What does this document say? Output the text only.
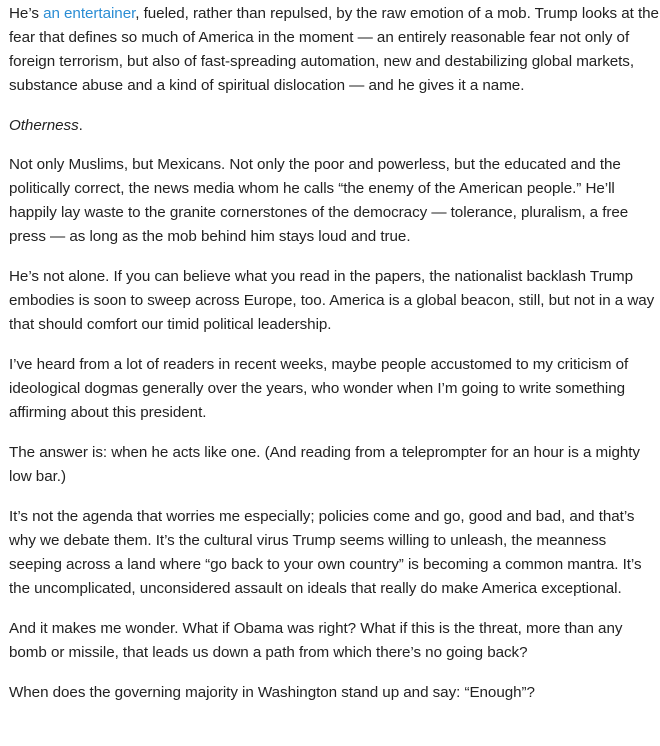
He’s an entertainer, fueled, rather than repulsed, by the raw emotion of a mob. Trump looks at the fear that defines so much of America in the moment — an entirely reasonable fear not only of foreign terrorism, but also of fast-spreading automation, new and destabilizing global markets, substance abuse and a kind of spiritual dislocation — and he gives it a name.

Otherness.

Not only Muslims, but Mexicans. Not only the poor and powerless, but the educated and the politically correct, the news media whom he calls “the enemy of the American people.” He’ll happily lay waste to the granite cornerstones of the democracy — tolerance, pluralism, a free press — as long as the mob behind him stays loud and true.

He’s not alone. If you can believe what you read in the papers, the nationalist backlash Trump embodies is soon to sweep across Europe, too. America is a global beacon, still, but not in a way that should comfort our timid political leadership.

I’ve heard from a lot of readers in recent weeks, maybe people accustomed to my criticism of ideological dogmas generally over the years, who wonder when I’m going to write something affirming about this president.

The answer is: when he acts like one. (And reading from a teleprompter for an hour is a mighty low bar.)

It’s not the agenda that worries me especially; policies come and go, good and bad, and that’s why we debate them. It’s the cultural virus Trump seems willing to unleash, the meanness seeping across a land where “go back to your own country” is becoming a common mantra. It’s the uncomplicated, unconsidered assault on ideals that really do make America exceptional.

And it makes me wonder. What if Obama was right? What if this is the threat, more than any bomb or missile, that leads us down a path from which there’s no going back?

When does the governing majority in Washington stand up and say: “Enough”?
